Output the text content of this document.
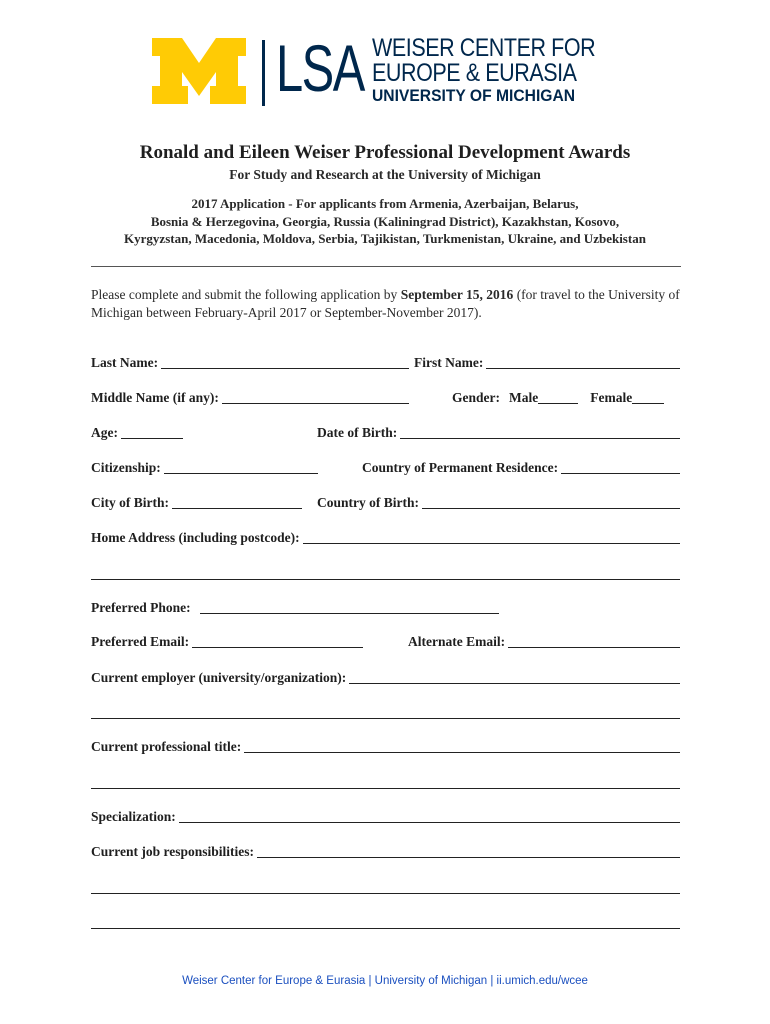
LSA WEISER CENTER FOR
EUROPE & EURASIA
UNIVERSITY OF MICHIGAN
Ronald and Eileen Weiser Professional Development Awards
For Study and Research at the University of Michigan
2017 Application - For applicants from Armenia, Azerbaijan, Belarus,
Bosnia & Herzegovina, Georgia, Russia (Kaliningrad District), Kazakhstan, Kosovo,
Kyrgyzstan, Macedonia, Moldova, Serbia, Tajikistan, Turkmenistan, Ukraine, and Uzbekistan
Please complete and submit the following application by September 15, 2016 (for travel to the University of Michigan between February-April 2017 or September-November 2017).
Last Name:	First Name:
Middle Name (if any):	Gender: Male	Female
Age:	Date of Birth:
Citizenship:	Country of Permanent Residence:
City of Birth:	Country of Birth:
Home Address (including postcode):
Preferred Phone:
Preferred Email:	Alternate Email:
Current employer (university/organization):
Current professional title:
Specialization:
Current job responsibilities:
Weiser Center for Europe & Eurasia | University of Michigan | ii.umich.edu/wcee
